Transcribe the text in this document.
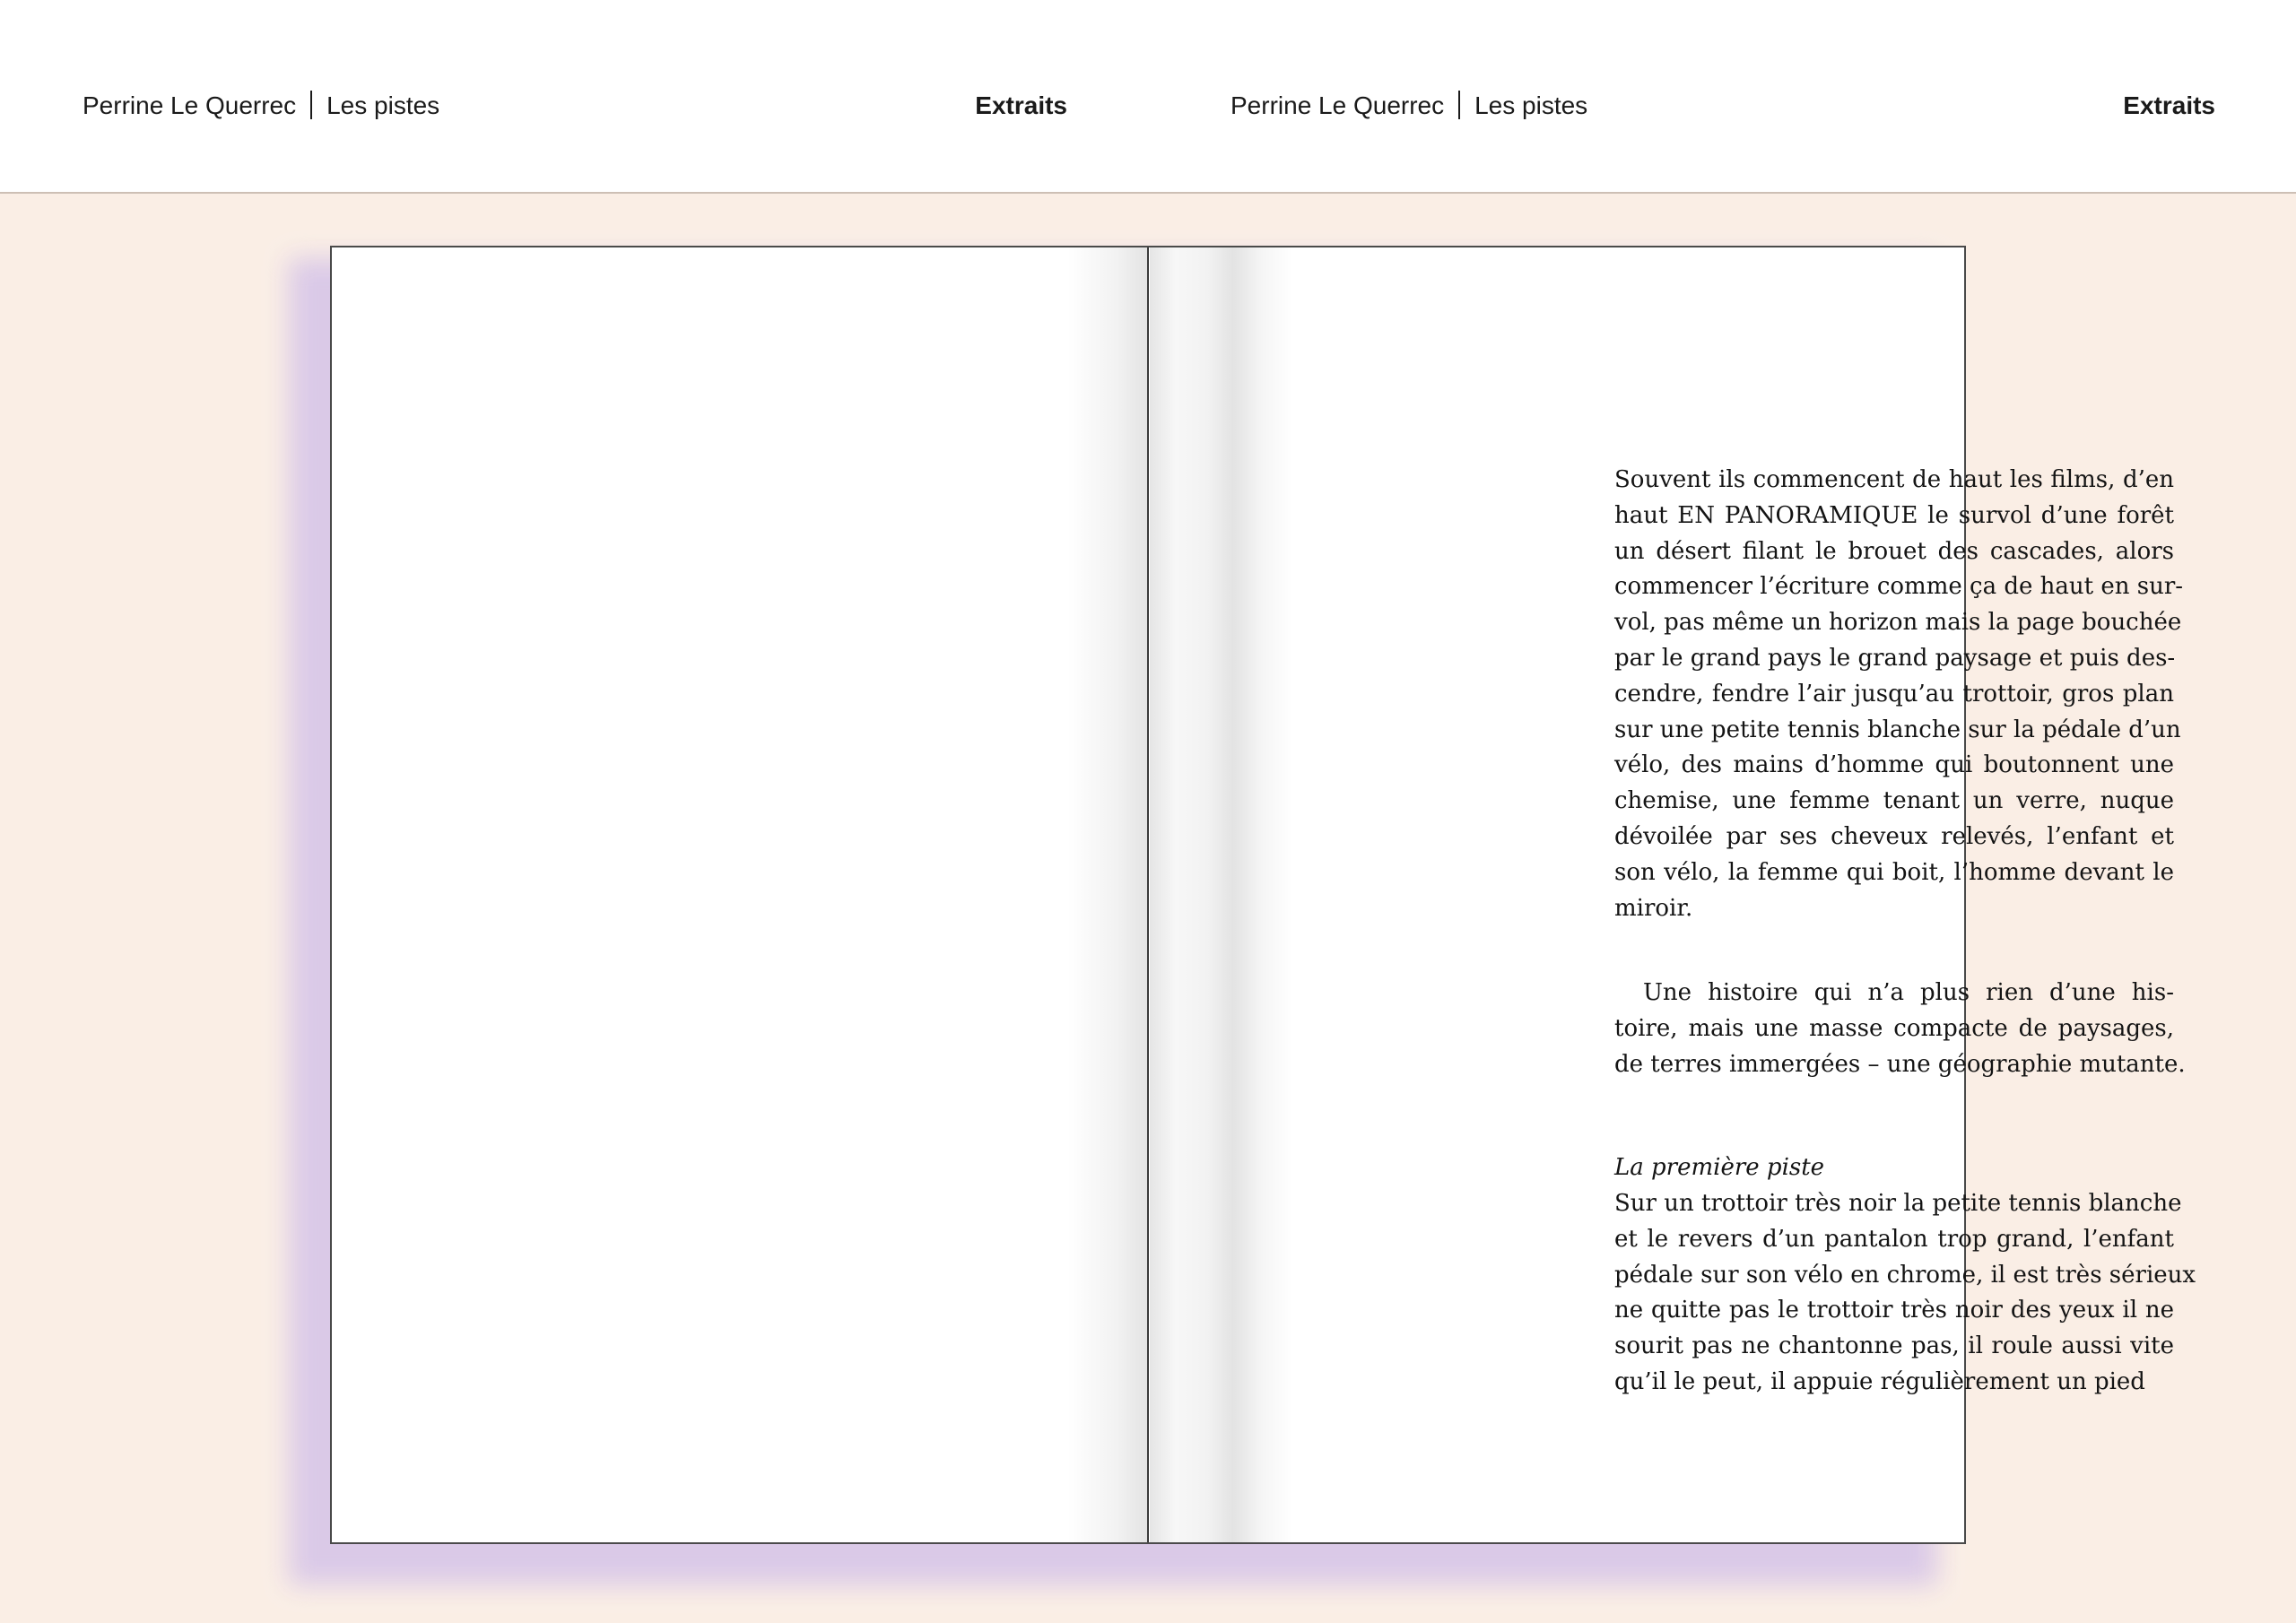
Perrine Le Querrec Les pistes	Extraits	Perrine Le Querrec Les pistes	Extraits
Souvent ils commencent de haut les films, d’en
haut EN PANORAMIQUE le survol d’une forêt
un désert filant le brouet des cascades, alors
commencer l’écriture comme ça de haut en sur-
vol, pas même un horizon mais la page bouchée
par le grand pays le grand paysage et puis des-
cendre, fendre l’air jusqu’au trottoir, gros plan
sur une petite tennis blanche sur la pédale d’un
vélo, des mains d’homme qui boutonnent une
chemise, une femme tenant un verre, nuque
dévoilée par ses cheveux relevés, l’enfant et
son vélo, la femme qui boit, l’homme devant le
miroir.
Une histoire qui n’a plus rien d’une his-
toire, mais une masse compacte de paysages,
de terres immergées – une géographie mutante.
La première piste
Sur un trottoir très noir la petite tennis blanche
et le revers d’un pantalon trop grand, l’enfant
pédale sur son vélo en chrome, il est très sérieux
ne quitte pas le trottoir très noir des yeux il ne
sourit pas ne chantonne pas, il roule aussi vite
qu’il le peut, il appuie régulièrement un pied
